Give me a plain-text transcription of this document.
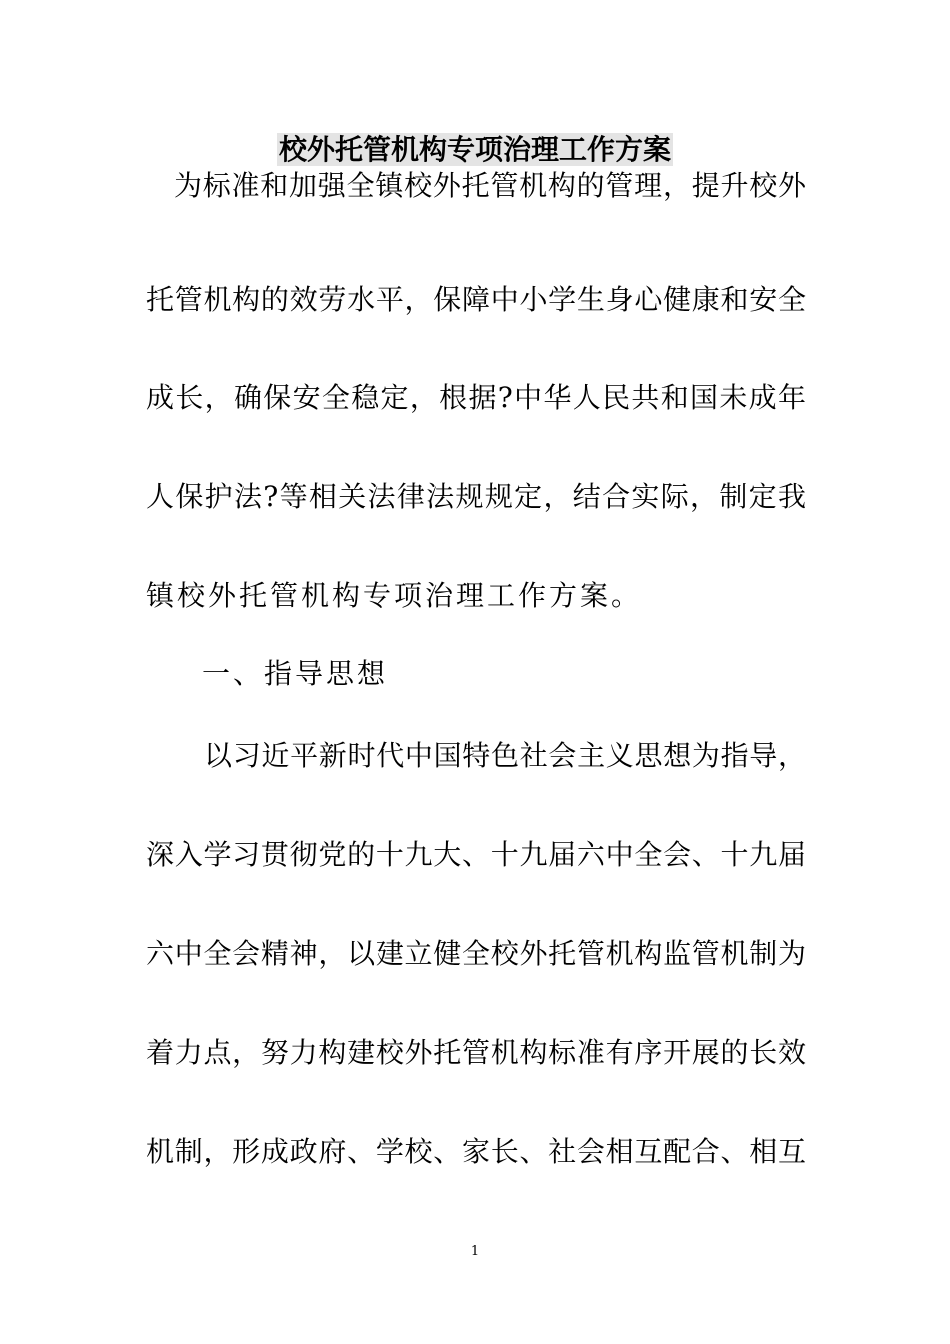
校外托管机构专项治理工作方案
为标准和加强全镇校外托管机构的管理，提升校外
托管机构的效劳水平，保障中小学生身心健康和安全
成长，确保安全稳定，根据?中华人民共和国未成年
人保护法?等相关法律法规规定，结合实际，制定我
镇校外托管机构专项治理工作方案。
一、指导思想
以习近平新时代中国特色社会主义思想为指导，
深入学习贯彻党的十九大、十九届六中全会、十九届
六中全会精神，以建立健全校外托管机构监管机制为
着力点，努力构建校外托管机构标准有序开展的长效
机制，形成政府、学校、家长、社会相互配合、相互
1
